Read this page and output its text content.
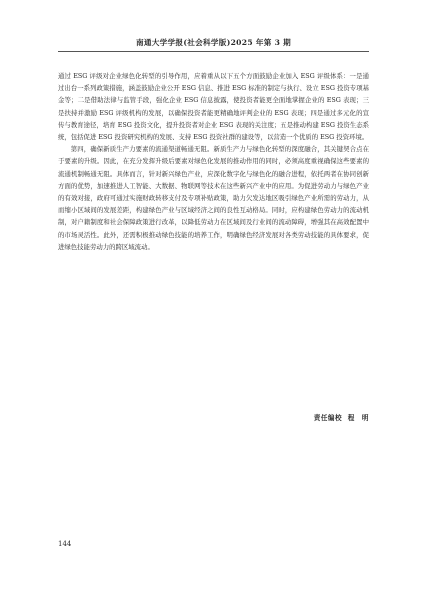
南通大学学报(社会科学版)2025 年第 3 期

通过 ESG 评级对企业绿色化转型的引导作用，应着重从以下五个方面鼓励企业加入 ESG 评级体系：一是通过出台一系列政策措施，涵盖鼓励企业公开 ESG 信息、推进 ESG 标准的制定与执行、设立 ESG 投资专项基金等；二是借助法律与监管手段，强化企业 ESG 信息披露，使投资者能更全面地掌握企业的 ESG 表现；三是扶持并激励 ESG 评级机构的发展，以确保投资者能更精确地评判企业的 ESG 表现；四是通过多元化的宣传与教育途径，培育 ESG 投资文化，提升投资者对企业 ESG 表现的关注度；五是推动构建 ESG 投资生态系统，包括促进 ESG 投资研究机构的发展、支持 ESG 投资社群的建设等，以营造一个优质的 ESG 投资环境。

第四，确保新质生产力要素的流通渠道畅通无阻。新质生产力与绿色化转型的深度融合，其关键契合点在于要素的升级。因此，在充分发挥升级后要素对绿色化发展的推动作用的同时，必须高度重视确保这些要素的流通机制畅通无阻。具体而言，针对新兴绿色产业，应深化数字化与绿色化的融合进程，依托两者在协同创新方面的优势，加速推进人工智能、大数据、物联网等技术在这些新兴产业中的应用。为促进劳动力与绿色产业的有效对接，政府可通过实施财政转移支付及专项补贴政策，助力欠发达地区吸引绿色产业所需的劳动力，从而缩小区域间的发展差距，构建绿色产业与区域经济之间的良性互动格局。同时，应构建绿色劳动力的流动机制，对户籍制度和社会保障政策进行改革，以降低劳动力在区域间及行业间的流动障碍，增强其在高效配置中的市场灵活性。此外，还需积极推动绿色技能的培养工作，明确绿色经济发展对各类劳动技能的具体要求，促进绿色技能劳动力的跨区域流动。

责任编校 程　明
144
